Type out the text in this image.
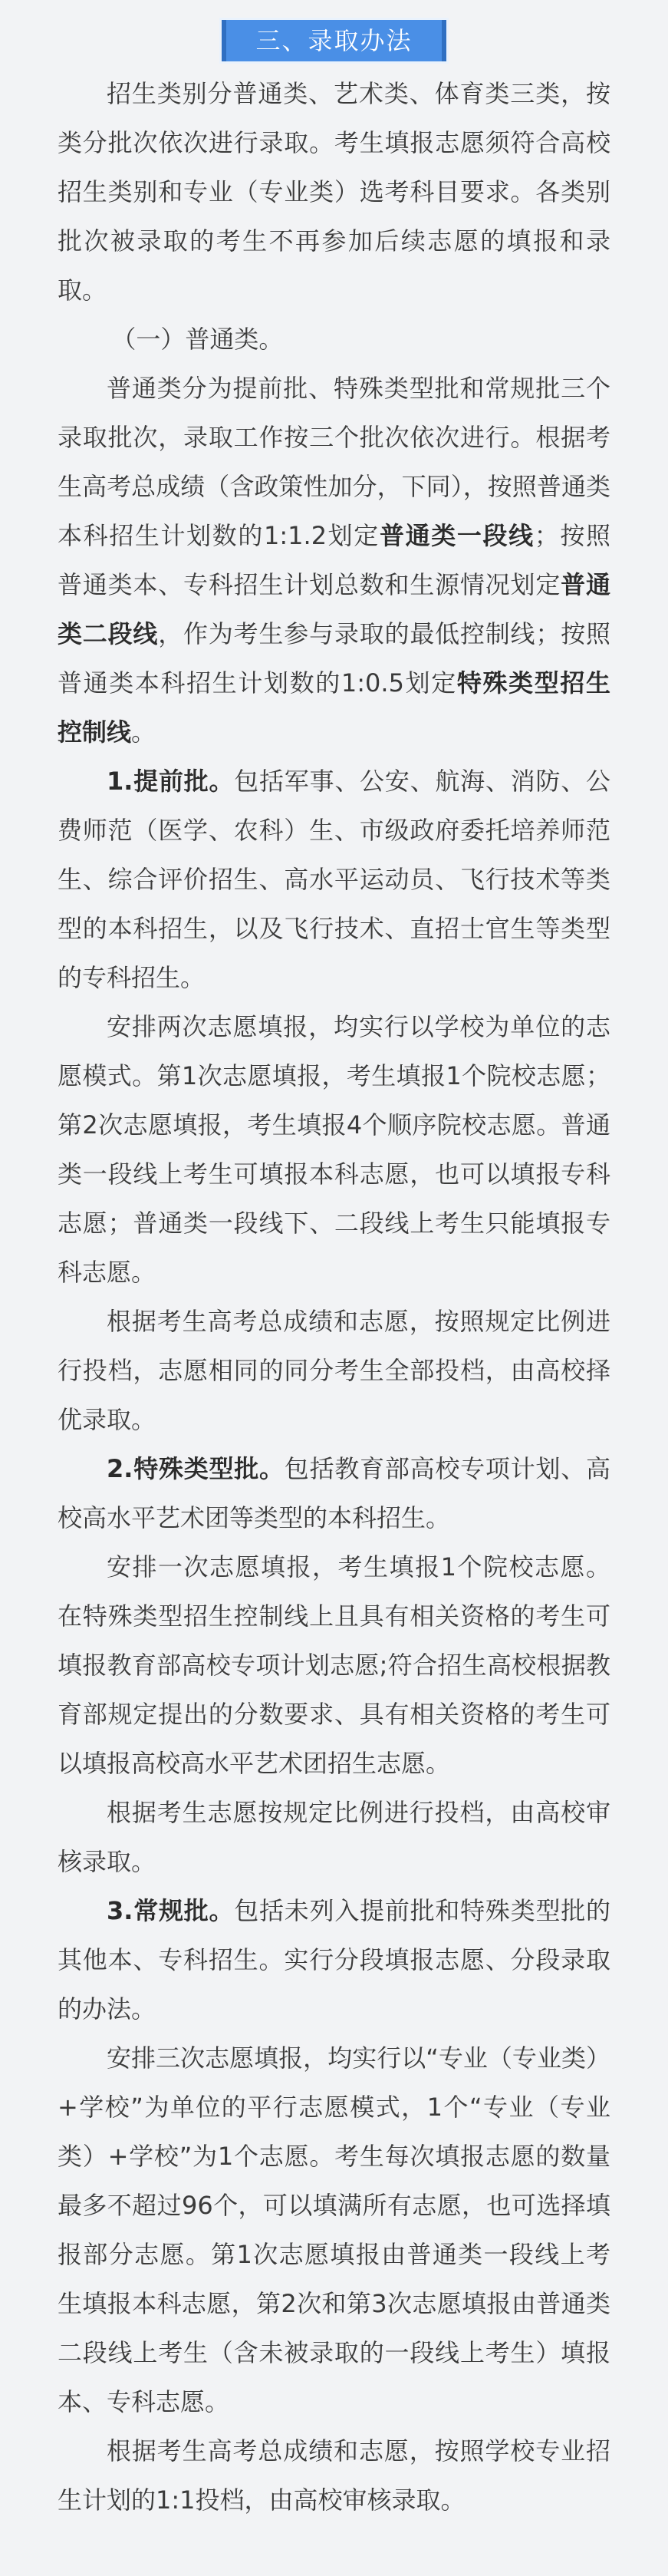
三、录取办法

招生类别分普通类、艺术类、体育类三类，按类分批次依次进行录取。考生填报志愿须符合高校招生类别和专业（专业类）选考科目要求。各类别批次被录取的考生不再参加后续志愿的填报和录取。

（一）普通类。

普通类分为提前批、特殊类型批和常规批三个录取批次，录取工作按三个批次依次进行。根据考生高考总成绩（含政策性加分，下同），按照普通类本科招生计划数的1:1.2划定普通类一段线；按照普通类本、专科招生计划总数和生源情况划定普通类二段线，作为考生参与录取的最低控制线；按照普通类本科招生计划数的1:0.5划定特殊类型招生控制线。

1.提前批。包括军事、公安、航海、消防、公费师范（医学、农科）生、市级政府委托培养师范生、综合评价招生、高水平运动员、飞行技术等类型的本科招生，以及飞行技术、直招士官生等类型的专科招生。

安排两次志愿填报，均实行以学校为单位的志愿模式。第1次志愿填报，考生填报1个院校志愿；第2次志愿填报，考生填报4个顺序院校志愿。普通类一段线上考生可填报本科志愿，也可以填报专科志愿；普通类一段线下、二段线上考生只能填报专科志愿。

根据考生高考总成绩和志愿，按照规定比例进行投档，志愿相同的同分考生全部投档，由高校择优录取。

2.特殊类型批。包括教育部高校专项计划、高校高水平艺术团等类型的本科招生。

安排一次志愿填报，考生填报1个院校志愿。在特殊类型招生控制线上且具有相关资格的考生可填报教育部高校专项计划志愿;符合招生高校根据教育部规定提出的分数要求、具有相关资格的考生可以填报高校高水平艺术团招生志愿。

根据考生志愿按规定比例进行投档，由高校审核录取。

3.常规批。包括未列入提前批和特殊类型批的其他本、专科招生。实行分段填报志愿、分段录取的办法。

安排三次志愿填报，均实行以“专业（专业类）+学校”为单位的平行志愿模式，1个“专业（专业类）+学校”为1个志愿。考生每次填报志愿的数量最多不超过96个，可以填满所有志愿，也可选择填报部分志愿。第1次志愿填报由普通类一段线上考生填报本科志愿，第2次和第3次志愿填报由普通类二段线上考生（含未被录取的一段线上考生）填报本、专科志愿。

根据考生高考总成绩和志愿，按照学校专业招生计划的1:1投档，由高校审核录取。
